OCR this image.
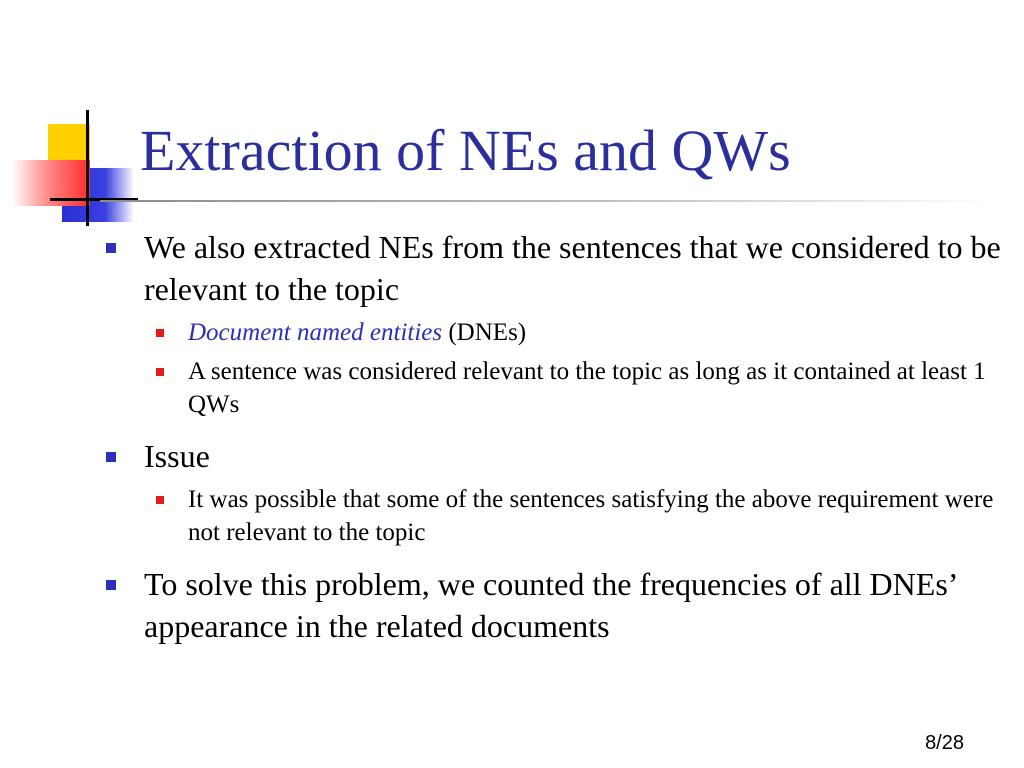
Extraction of NEs and QWs
We also extracted NEs from the sentences that we considered to be relevant to the topic
Document named entities (DNEs)
A sentence was considered relevant to the topic as long as it contained at least 1 QWs
Issue
It was possible that some of the sentences satisfying the above requirement were not relevant to the topic
To solve this problem, we counted the frequencies of all DNEs’ appearance in the related documents
8/28
